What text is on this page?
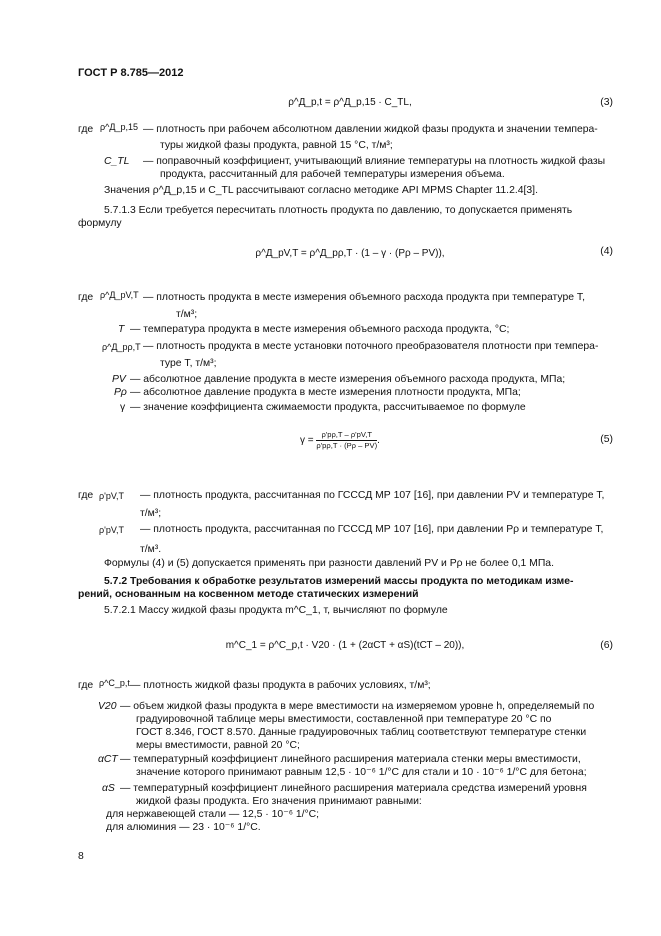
ГОСТ Р 8.785—2012
ρ^Д_p,t = ρ^Д_p,15 · C_TL,	(3)
где ρ^Д_p,15 — плотность при рабочем абсолютном давлении жидкой фазы продукта и значении темпера-
туры жидкой фазы продукта, равной 15 °C, т/м³;
C_TL — поправочный коэффициент, учитывающий влияние температуры на плотность жидкой фазы
продукта, рассчитанный для рабочей температуры измерения объема.
Значения ρ^Д_p,15 и C_TL рассчитывают согласно методике API MPMS Chapter 11.2.4[3].
5.7.1.3 Если требуется пересчитать плотность продукта по давлению, то допускается применять
формулу
ρ^Д_pV,T = ρ^Д_pρ,T · (1 – γ · (Pρ – PV)),	(4)
где ρ^Д_pV,T — плотность продукта в месте измерения объемного расхода продукта при температуре Т,
т/м³;
T — температура продукта в месте измерения объемного расхода продукта, °C;
ρ^Д_pρ,T — плотность продукта в месте установки поточного преобразователя плотности при темпера-
туре Т, т/м³;
PV — абсолютное давление продукта в месте измерения объемного расхода продукта, МПа;
Pρ — абсолютное давление продукта в месте измерения плотности продукта, МПа;
γ — значение коэффициента сжимаемости продукта, рассчитываемое по формуле
$\gamma = \frac{\rho'p\rho,T - \rho'pV,T}{\rho'p\rho,T \cdot (P\rho - PV)}$ .	(5)
где ρ'pV,T — плотность продукта, рассчитанная по ГСССД МР 107 [16], при давлении PV и температуре Т,
т/м³;
ρ'pV,T — плотность продукта, рассчитанная по ГСССД МР 107 [16], при давлении Pρ и температуре Т,
т/м³.
Формулы (4) и (5) допускается применять при разности давлений PV и Pρ не более 0,1 МПа.
5.7.2 Требования к обработке результатов измерений массы продукта по методикам изме-
рений, основанным на косвенном методе статических измерений
5.7.2.1 Массу жидкой фазы продукта m^C_1, т, вычисляют по формуле
m^C_1 = ρ^C_p,t · V20 · (1 + (2αСТ + αS)(tСТ – 20)),	(6)
где ρ^C_p,t — плотность жидкой фазы продукта в рабочих условиях, т/м³;
V20 — объем жидкой фазы продукта в мере вместимости на измеряемом уровне h, определяемый по
градуировочной таблице меры вместимости, составленной при температуре 20 °C по
ГОСТ 8.346, ГОСТ 8.570. Данные градуировочных таблиц соответствуют температуре стенки
меры вместимости, равной 20 °C;
αCT — температурный коэффициент линейного расширения материала стенки меры вместимости,
значение которого принимают равным 12,5 · 10⁻⁶ 1/°C для стали и 10 · 10⁻⁶ 1/°C для бетона;
αS — температурный коэффициент линейного расширения материала средства измерений уровня
жидкой фазы продукта. Его значения принимают равными:
для нержавеющей стали — 12,5 · 10⁻⁶ 1/°C;
для алюминия — 23 · 10⁻⁶ 1/°C.
8
